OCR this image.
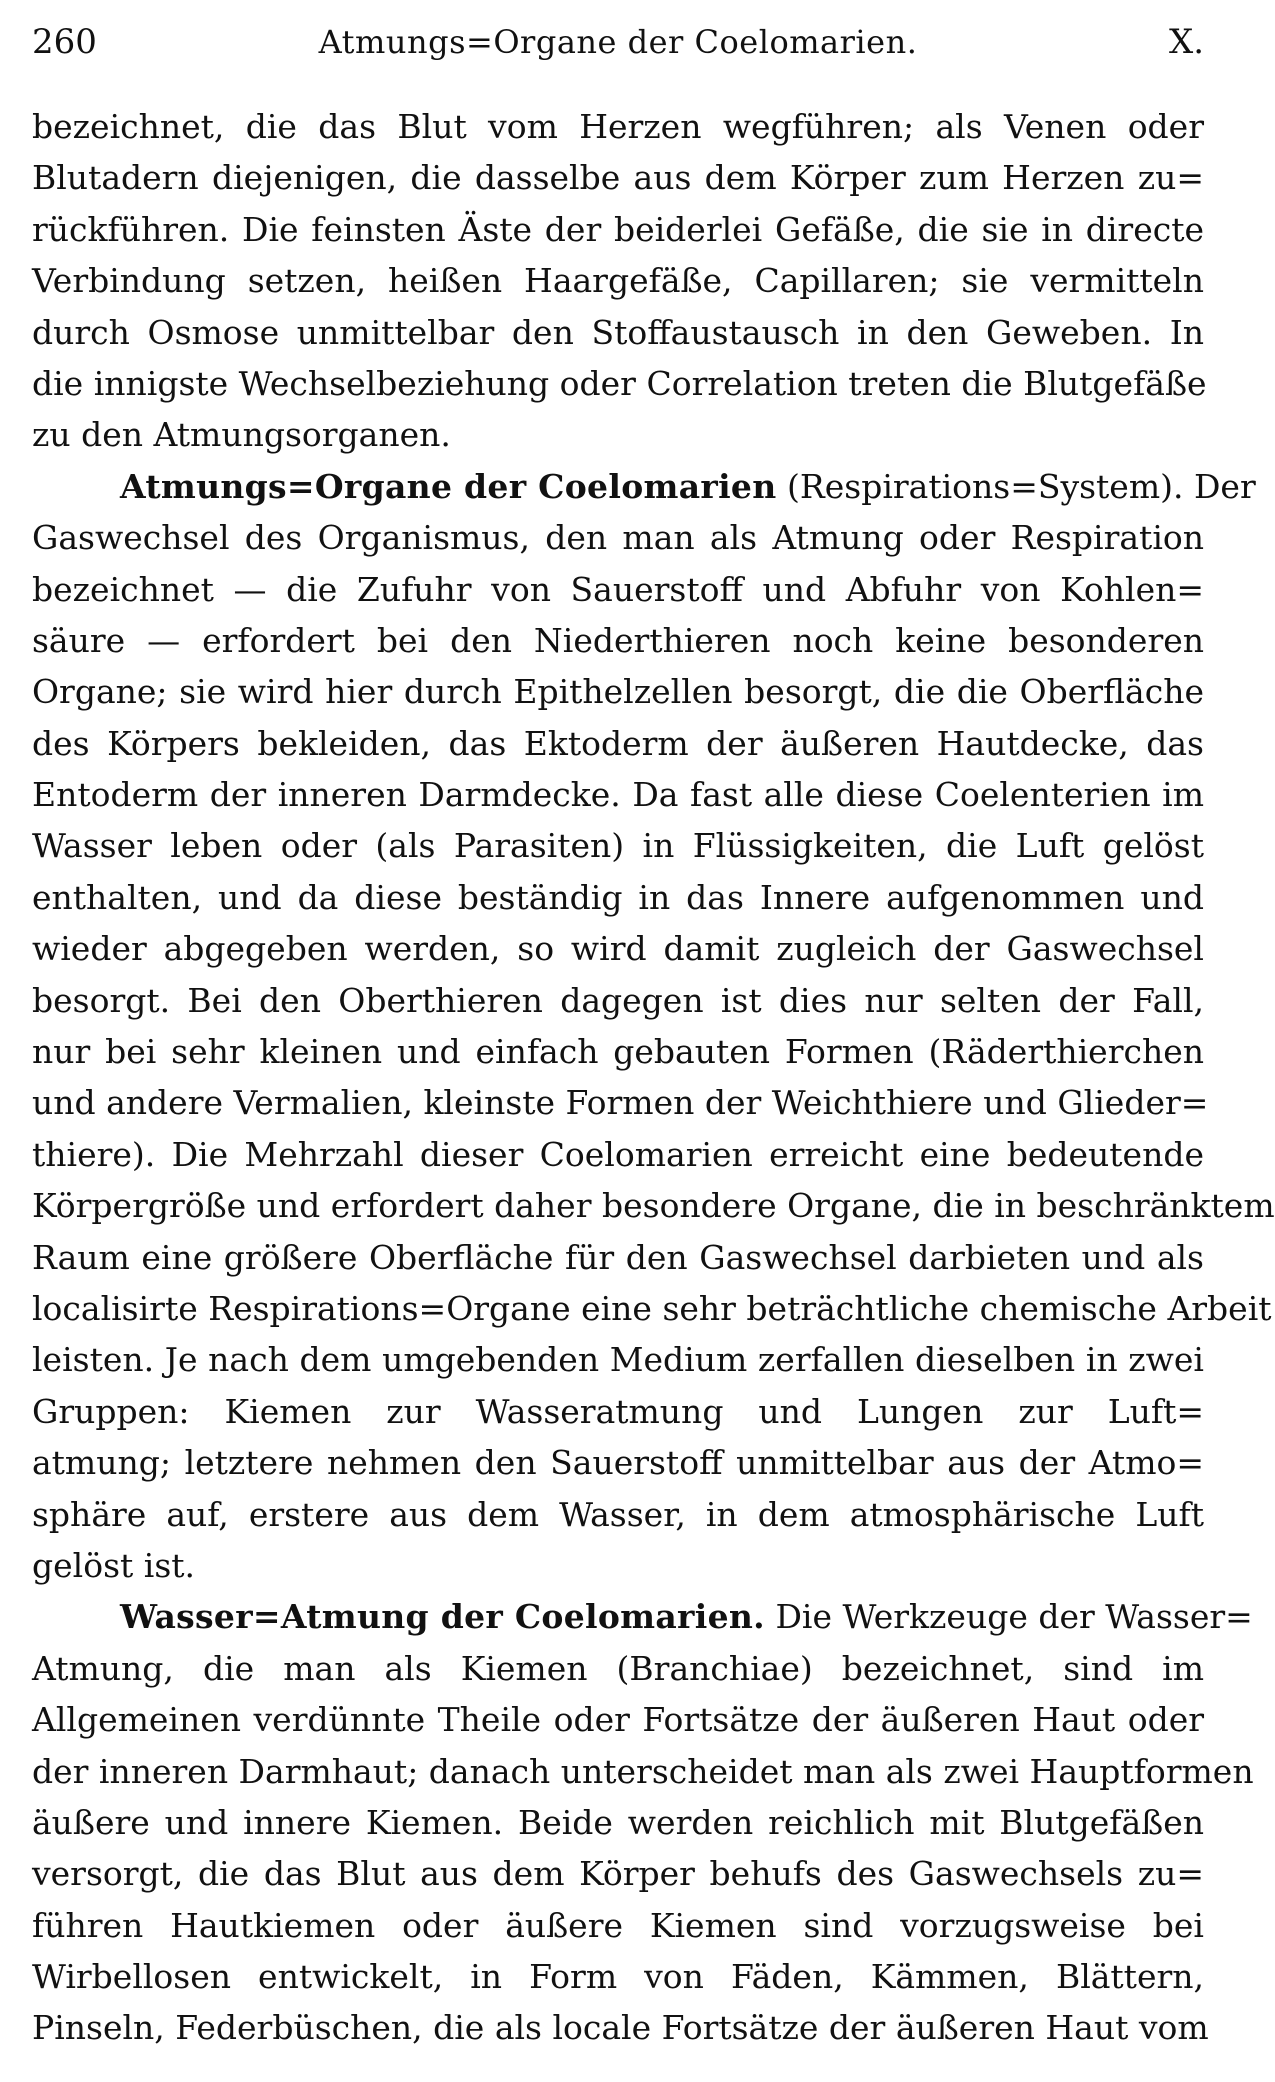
260	Atmungs=Organe der Coelomarien.	X.
bezeichnet, die das Blut vom Herzen wegführen; als Venen oder
Blutadern diejenigen, die dasselbe aus dem Körper zum Herzen zu=
rückführen. Die feinsten Äste der beiderlei Gefäße, die sie in directe
Verbindung setzen, heißen Haargefäße, Capillaren; sie vermitteln
durch Osmose unmittelbar den Stoffaustausch in den Geweben. In
die innigste Wechselbeziehung oder Correlation treten die Blutgefäße
zu den Atmungsorganen.
Atmungs=Organe der Coelomarien (Respirations=System). Der
Gaswechsel des Organismus, den man als Atmung oder Respiration
bezeichnet — die Zufuhr von Sauerstoff und Abfuhr von Kohlen=
säure — erfordert bei den Niederthieren noch keine besonderen
Organe; sie wird hier durch Epithelzellen besorgt, die die Oberfläche
des Körpers bekleiden, das Ektoderm der äußeren Hautdecke, das
Entoderm der inneren Darmdecke. Da fast alle diese Coelenterien im
Wasser leben oder (als Parasiten) in Flüssigkeiten, die Luft gelöst
enthalten, und da diese beständig in das Innere aufgenommen und
wieder abgegeben werden, so wird damit zugleich der Gaswechsel
besorgt. Bei den Oberthieren dagegen ist dies nur selten der Fall,
nur bei sehr kleinen und einfach gebauten Formen (Räderthierchen
und andere Vermalien, kleinste Formen der Weichthiere und Glieder=
thiere). Die Mehrzahl dieser Coelomarien erreicht eine bedeutende
Körpergröße und erfordert daher besondere Organe, die in beschränktem
Raum eine größere Oberfläche für den Gaswechsel darbieten und als
localisirte Respirations=Organe eine sehr beträchtliche chemische Arbeit
leisten. Je nach dem umgebenden Medium zerfallen dieselben in zwei
Gruppen: Kiemen zur Wasseratmung und Lungen zur Luft=
atmung; letztere nehmen den Sauerstoff unmittelbar aus der Atmo=
sphäre auf, erstere aus dem Wasser, in dem atmosphärische Luft
gelöst ist.
Wasser=Atmung der Coelomarien. Die Werkzeuge der Wasser=
Atmung, die man als Kiemen (Branchiae) bezeichnet, sind im
Allgemeinen verdünnte Theile oder Fortsätze der äußeren Haut oder
der inneren Darmhaut; danach unterscheidet man als zwei Hauptformen
äußere und innere Kiemen. Beide werden reichlich mit Blutgefäßen
versorgt, die das Blut aus dem Körper behufs des Gaswechsels zu=
führen Hautkiemen oder äußere Kiemen sind vorzugsweise bei
Wirbellosen entwickelt, in Form von Fäden, Kämmen, Blättern,
Pinseln, Federbüschen, die als locale Fortsätze der äußeren Haut vom
